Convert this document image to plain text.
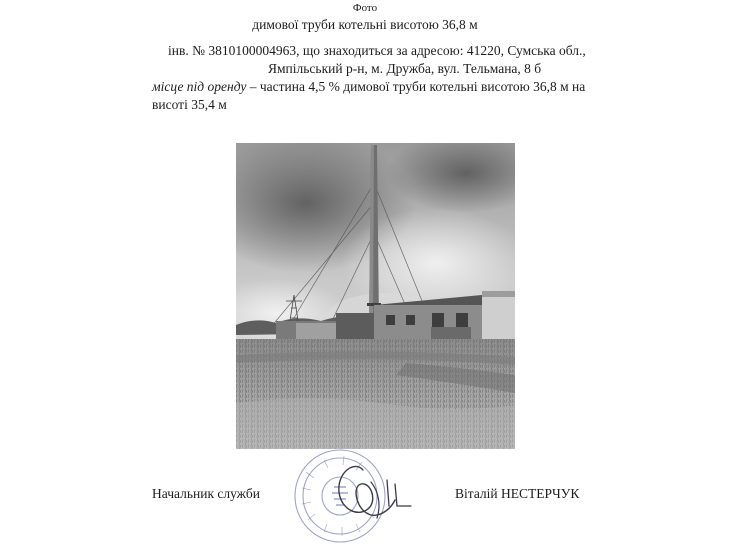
Фото
димової труби котельні висотою 36,8 м
інв. № 3810100004963, що знаходиться за адресою: 41220, Сумська обл.,
Ямпільський р-н, м. Дружба, вул. Тельмана, 8 б
місце під оренду – частина 4,5 % димової труби котельні висотою 36,8 м на
висоті 35,4 м
Начальник служби	Віталій НЕСТЕРЧУК
